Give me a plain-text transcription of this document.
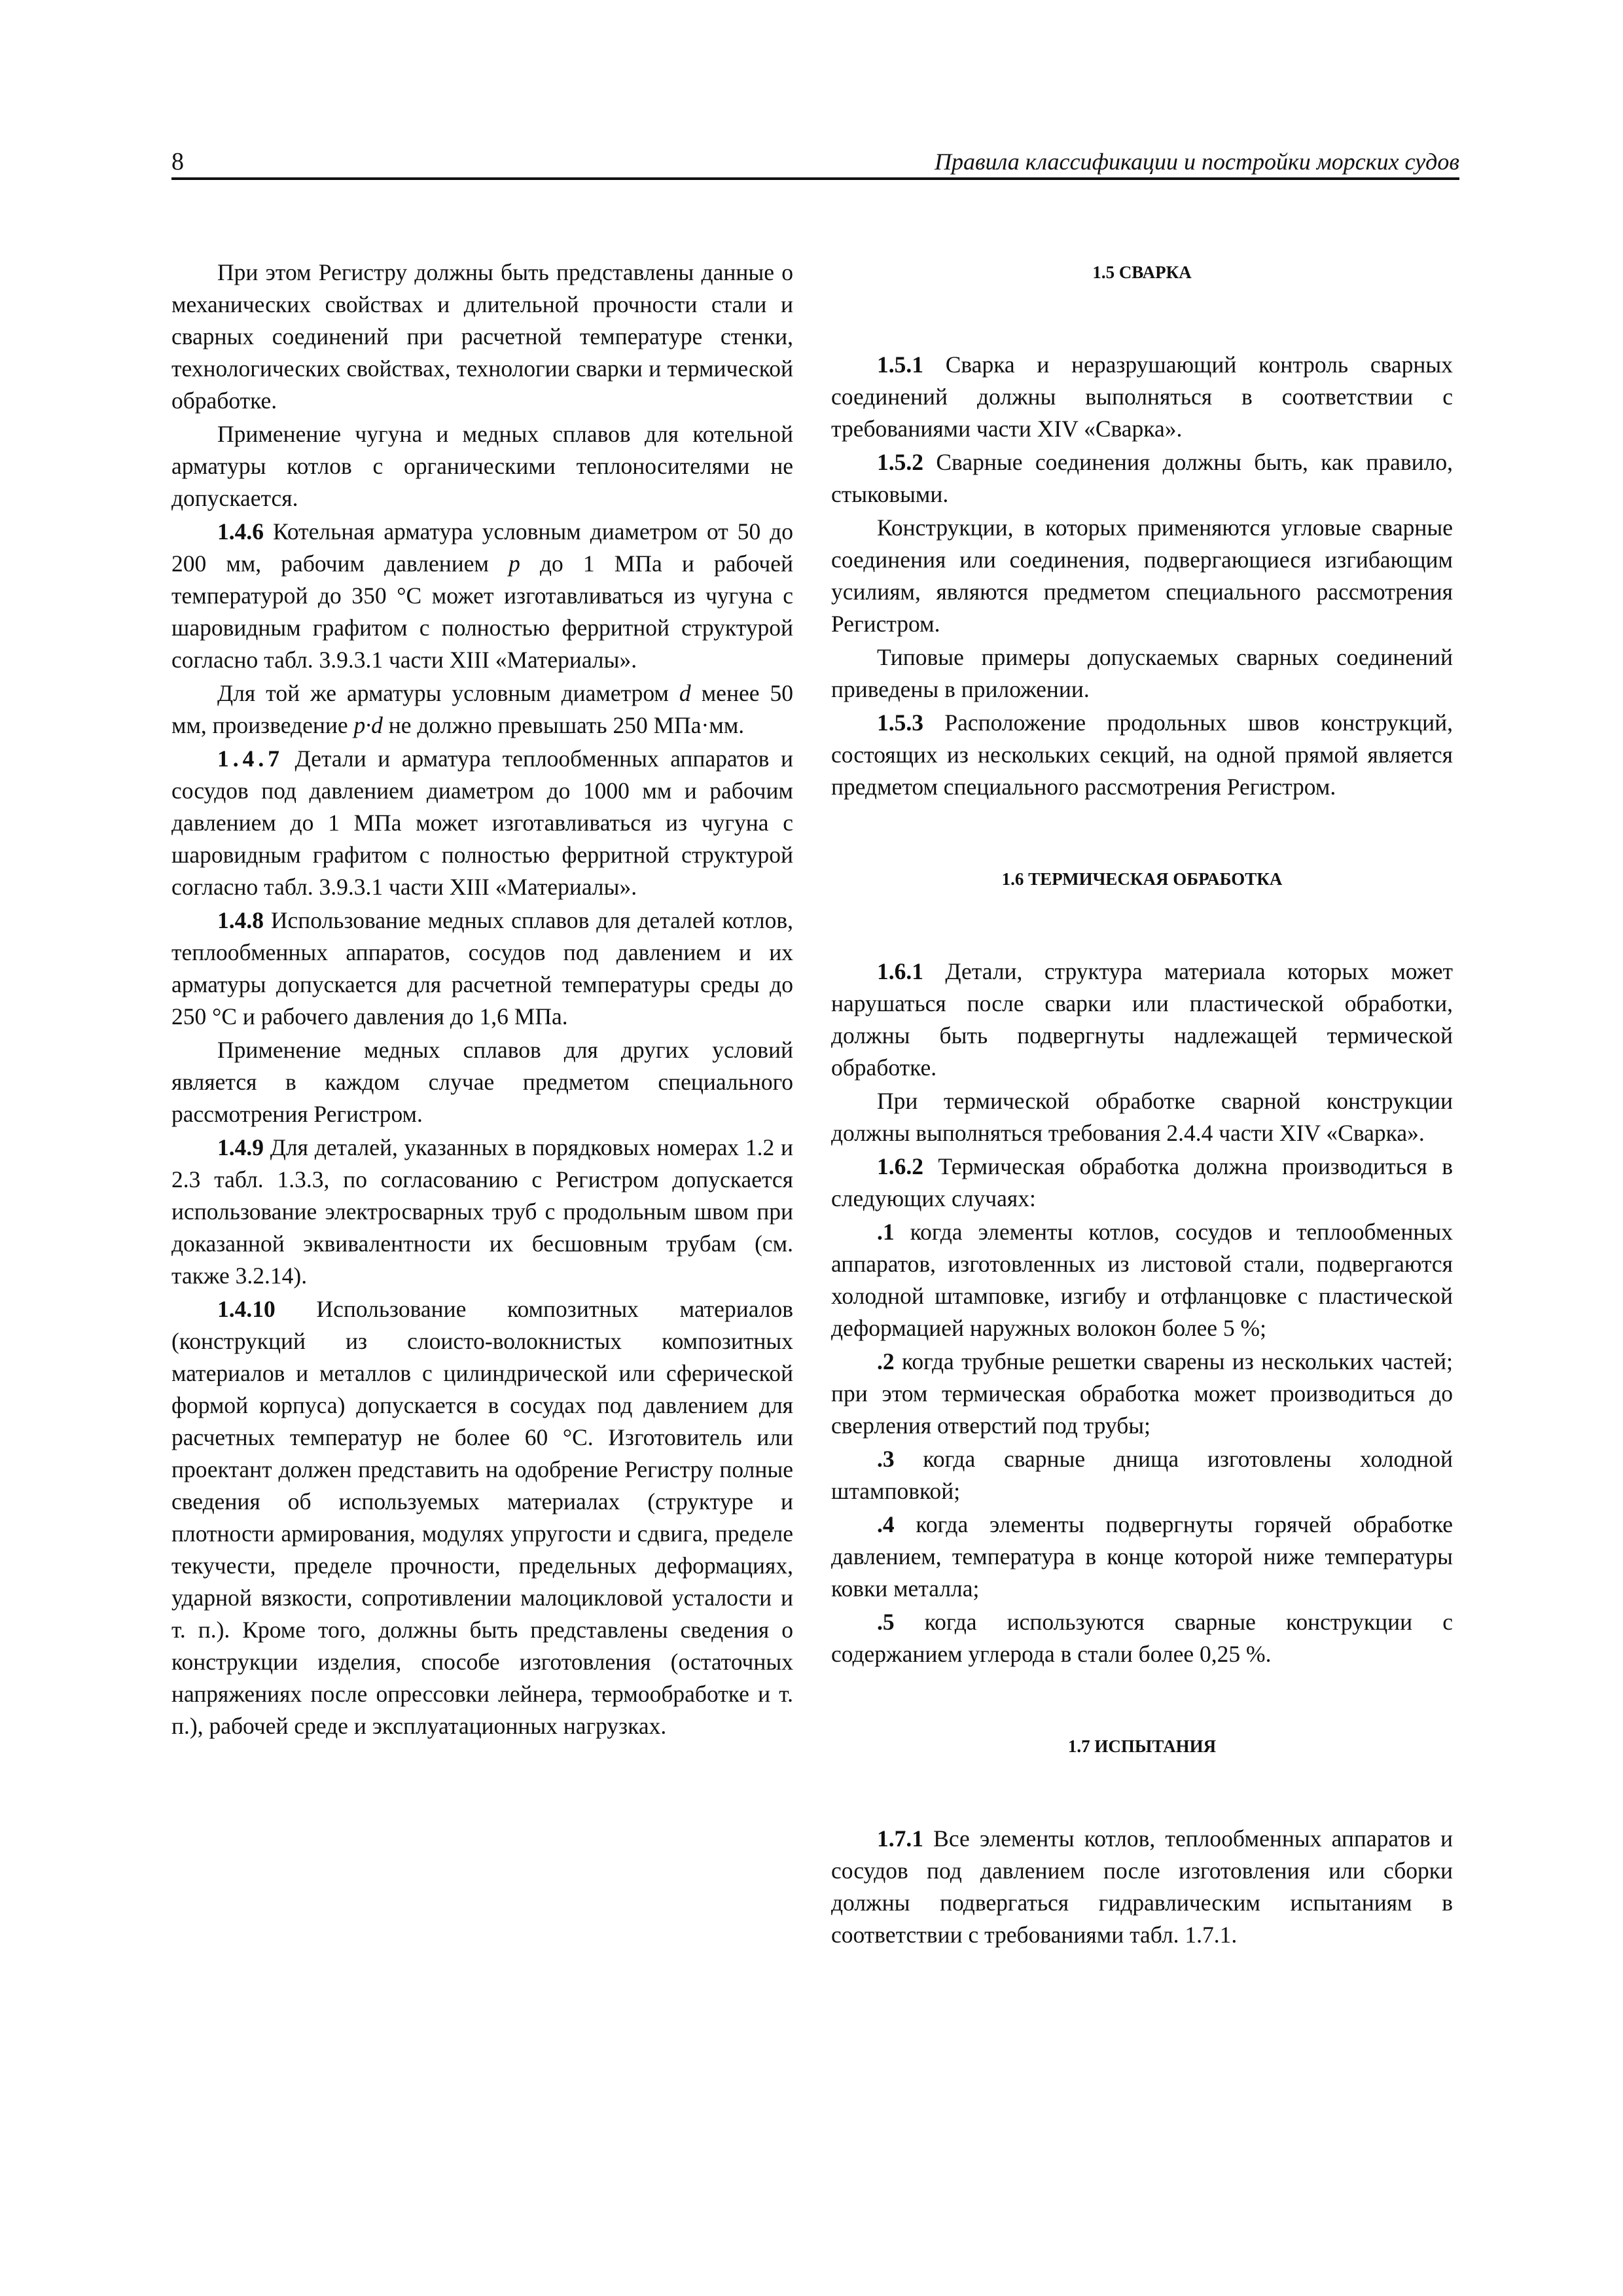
8	Правила классификации и постройки морских судов

При этом Регистру должны быть представлены данные о механических свойствах и длительной прочности стали и сварных соединений при расчетной температуре стенки, технологических свойствах, технологии сварки и термической обработке.

Применение чугуна и медных сплавов для котельной арматуры котлов с органическими теплоносителями не допускается.

1.4.6 Котельная арматура условным диаметром от 50 до 200 мм, рабочим давлением p до 1 МПа и рабочей температурой до 350 °С может изготавливаться из чугуна с шаровидным графитом с полностью ферритной структурой согласно табл. 3.9.3.1 части XIII «Материалы».

Для той же арматуры условным диаметром d менее 50 мм, произведение p·d не должно превышать 250 МПа·мм.

1.4.7 Детали и арматура теплообменных аппаратов и сосудов под давлением диаметром до 1000 мм и рабочим давлением до 1 МПа может изготавливаться из чугуна с шаровидным графитом с полностью ферритной структурой согласно табл. 3.9.3.1 части XIII «Материалы».

1.4.8 Использование медных сплавов для деталей котлов, теплообменных аппаратов, сосудов под давлением и их арматуры допускается для расчетной температуры среды до 250 °С и рабочего давления до 1,6 МПа.

Применение медных сплавов для других условий является в каждом случае предметом специального рассмотрения Регистром.

1.4.9 Для деталей, указанных в порядковых номерах 1.2 и 2.3 табл. 1.3.3, по согласованию с Регистром допускается использование электросварных труб с продольным швом при доказанной эквивалентности их бесшовным трубам (см. также 3.2.14).

1.4.10 Использование композитных материалов (конструкций из слоисто-волокнистых композитных материалов и металлов с цилиндрической или сферической формой корпуса) допускается в сосудах под давлением для расчетных температур не более 60 °С. Изготовитель или проектант должен представить на одобрение Регистру полные сведения об используемых материалах (структуре и плотности армирования, модулях упругости и сдвига, пределе текучести, пределе прочности, предельных деформациях, ударной вязкости, сопротивлении малоцикловой усталости и т. п.). Кроме того, должны быть представлены сведения о конструкции изделия, способе изготовления (остаточных напряжениях после опрессовки лейнера, термообработке и т. п.), рабочей среде и эксплуатационных нагрузках.

1.5 СВАРКА

1.5.1 Сварка и неразрушающий контроль сварных соединений должны выполняться в соответствии с требованиями части XIV «Сварка».

1.5.2 Сварные соединения должны быть, как правило, стыковыми.

Конструкции, в которых применяются угловые сварные соединения или соединения, подвергающиеся изгибающим усилиям, являются предметом специального рассмотрения Регистром.

Типовые примеры допускаемых сварных соединений приведены в приложении.

1.5.3 Расположение продольных швов конструкций, состоящих из нескольких секций, на одной прямой является предметом специального рассмотрения Регистром.

1.6 ТЕРМИЧЕСКАЯ ОБРАБОТКА

1.6.1 Детали, структура материала которых может нарушаться после сварки или пластической обработки, должны быть подвергнуты надлежащей термической обработке.

При термической обработке сварной конструкции должны выполняться требования 2.4.4 части XIV «Сварка».

1.6.2 Термическая обработка должна производиться в следующих случаях:

.1 когда элементы котлов, сосудов и теплообменных аппаратов, изготовленных из листовой стали, подвергаются холодной штамповке, изгибу и отфланцовке с пластической деформацией наружных волокон более 5 %;

.2 когда трубные решетки сварены из нескольких частей; при этом термическая обработка может производиться до сверления отверстий под трубы;

.3 когда сварные днища изготовлены холодной штамповкой;

.4 когда элементы подвергнуты горячей обработке давлением, температура в конце которой ниже температуры ковки металла;

.5 когда используются сварные конструкции с содержанием углерода в стали более 0,25 %.

1.7 ИСПЫТАНИЯ

1.7.1 Все элементы котлов, теплообменных аппаратов и сосудов под давлением после изготовления или сборки должны подвергаться гидравлическим испытаниям в соответствии с требованиями табл. 1.7.1.
